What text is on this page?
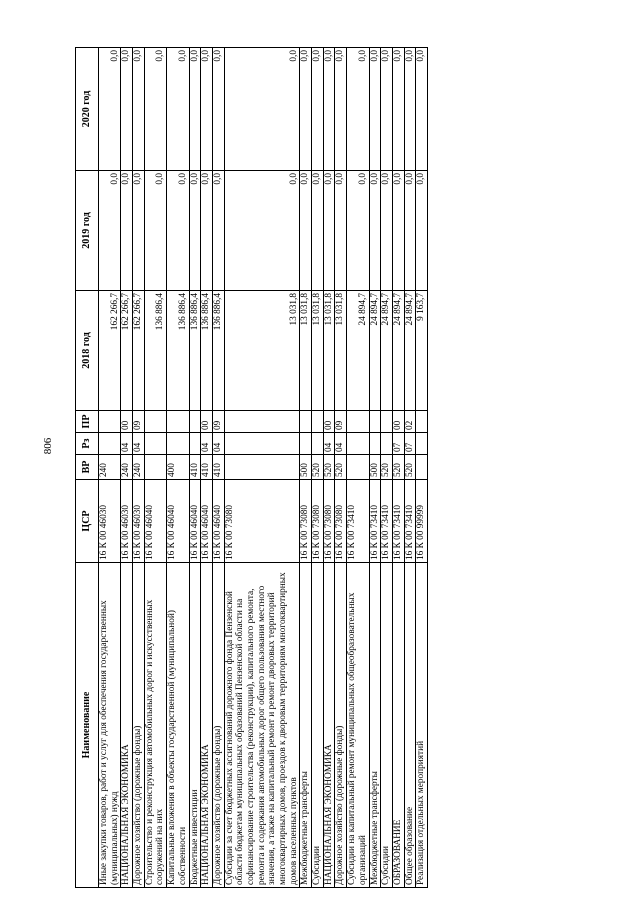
806
Наименование	ЦСР	ВР	Рз	ПР	2018 год	2019 год	2020 год
Иные закупки товаров, работ и услуг для обеспечения государственных (муниципальных) нужд	16 К 00 46030	240			162 266,7	0,0	0,0
НАЦИОНАЛЬНАЯ ЭКОНОМИКА	16 К 00 46030	240	04	00	162 266,7	0,0	0,0
Дорожное хозяйство (дорожные фонды)	16 К 00 46030	240	04	09	162 266,7	0,0	0,0
Строительство и реконструкция автомобильных дорог и искусственных сооружений на них	16 К 00 46040				136 886,4	0,0	0,0
Капитальные вложения в объекты государственной (муниципальной) собственности	16 К 00 46040	400			136 886,4	0,0	0,0
Бюджетные инвестиции	16 К 00 46040	410			136 886,4	0,0	0,0
НАЦИОНАЛЬНАЯ ЭКОНОМИКА	16 К 00 46040	410	04	00	136 886,4	0,0	0,0
Дорожное хозяйство (дорожные фонды)	16 К 00 46040	410	04	09	136 886,4	0,0	0,0
Субсидии за счет бюджетных ассигнований дорожного фонда Пензенской области бюджетам муниципальных образований Пензенской области на софинансирование строительства (реконструкции), капитального ремонта, ремонта и содержания автомобильных дорог общего пользования местного значения, а также на капитальный ремонт и ремонт дворовых территорий многоквартирных домов, проездов к дворовым территориям многоквартирных домов населенных пунктов	16 К 00 73080				13 031,8	0,0	0,0
Межбюджетные трансферты	16 К 00 73080	500			13 031,8	0,0	0,0
Субсидии	16 К 00 73080	520			13 031,8	0,0	0,0
НАЦИОНАЛЬНАЯ ЭКОНОМИКА	16 К 00 73080	520	04	00	13 031,8	0,0	0,0
Дорожное хозяйство (дорожные фонды)	16 К 00 73080	520	04	09	13 031,8	0,0	0,0
Субсидии на капитальный ремонт муниципальных общеобразовательных организаций	16 К 00 73410				24 894,7	0,0	0,0
Межбюджетные трансферты	16 К 00 73410	500			24 894,7	0,0	0,0
Субсидии	16 К 00 73410	520			24 894,7	0,0	0,0
ОБРАЗОВАНИЕ	16 К 00 73410	520	07	00	24 894,7	0,0	0,0
Общее образование	16 К 00 73410	520	07	02	24 894,7	0,0	0,0
Реализация отдельных мероприятий	16 К 00 99999				9 163,7	0,0	0,0
